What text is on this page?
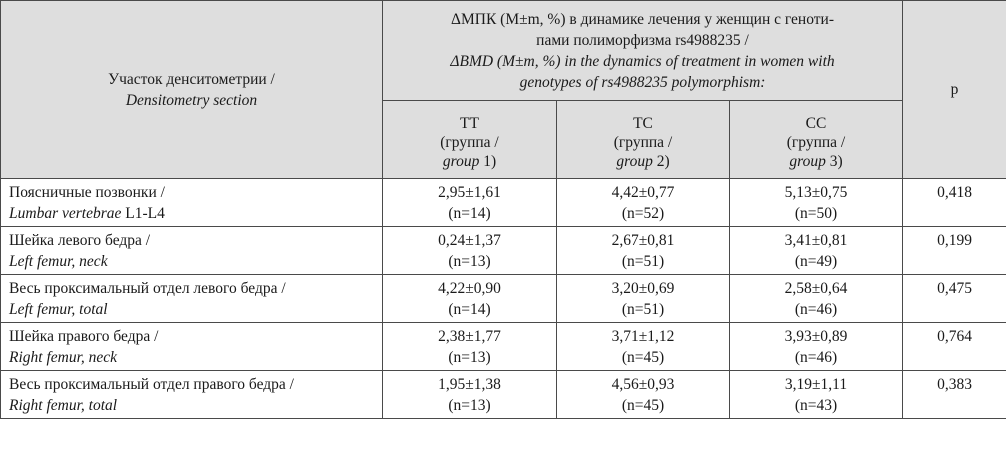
Участок денситометрии /
Densitometry section	ΔМПК (M±m, %) в динамике лечения у женщин с геноти-
пами полиморфизма rs4988235 /
ΔBMD (M±m, %) in the dynamics of treatment in women with
genotypes of rs4988235 polymorphism:			p

	TT
(группа /
group 1)	TC
(группа /
group 2)	CC
(группа /
group 3)	

Поясничные позвонки /
Lumbar vertebrae L1-L4	2,95±1,61
(n=14)	4,42±0,77
(n=52)	5,13±0,75
(n=50)	0,418

Шейка левого бедра /
Left femur, neck	0,24±1,37
(n=13)	2,67±0,81
(n=51)	3,41±0,81
(n=49)	0,199

Весь проксимальный отдел левого бедра /
Left femur, total	4,22±0,90
(n=14)	3,20±0,69
(n=51)	2,58±0,64
(n=46)	0,475

Шейка правого бедра /
Right femur, neck	2,38±1,77
(n=13)	3,71±1,12
(n=45)	3,93±0,89
(n=46)	0,764

Весь проксимальный отдел правого бедра /
Right femur, total	1,95±1,38
(n=13)	4,56±0,93
(n=45)	3,19±1,11
(n=43)	0,383
